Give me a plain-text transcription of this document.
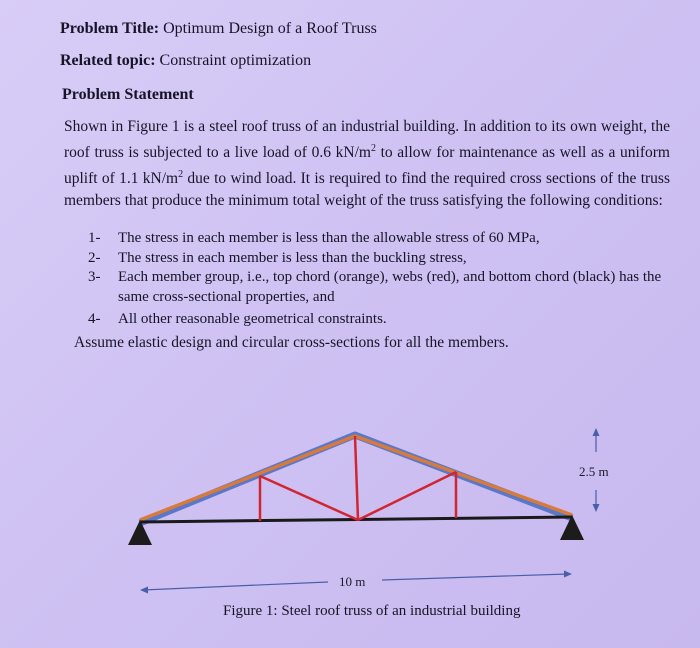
Problem Title: Optimum Design of a Roof Truss
Related topic: Constraint optimization
Problem Statement
Shown in Figure 1 is a steel roof truss of an industrial building. In addition to its own weight, the roof truss is subjected to a live load of 0.6 $kN/m^2$ to allow for maintenance as well as a uniform uplift of 1.1 $kN/m^2$ due to wind load. It is required to find the required cross sections of the truss members that produce the minimum total weight of the truss satisfying the following conditions:
1-	The stress in each member is less than the allowable stress of 60 MPa,
2-	The stress in each member is less than the buckling stress,
3-	Each member group, i.e., top chord (orange), webs (red), and bottom chord (black) has the same cross-sectional properties, and
4-	All other reasonable geometrical constraints.
Assume elastic design and circular cross-sections for all the members.
2.5 m
10 m
Figure 1: Steel roof truss of an industrial building
